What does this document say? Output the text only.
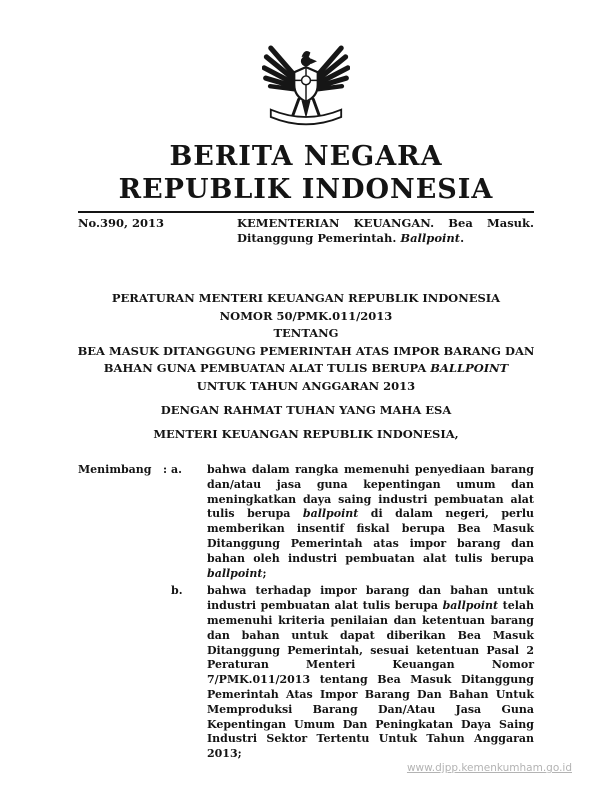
BERITA NEGARA
REPUBLIK INDONESIA
No.390, 2013	KEMENTERIAN KEUANGAN. Bea Masuk. Ditanggung Pemerintah. Ballpoint.

PERATURAN MENTERI KEUANGAN REPUBLIK INDONESIA
NOMOR 50/PMK.011/2013
TENTANG
BEA MASUK DITANGGUNG PEMERINTAH ATAS IMPOR BARANG DAN
BAHAN GUNA PEMBUATAN ALAT TULIS BERUPA BALLPOINT
UNTUK TAHUN ANGGARAN 2013
DENGAN RAHMAT TUHAN YANG MAHA ESA
MENTERI KEUANGAN REPUBLIK INDONESIA,
Menimbang : a.	bahwa dalam rangka memenuhi penyediaan barang dan/atau jasa guna kepentingan umum dan meningkatkan daya saing industri pembuatan alat tulis berupa ballpoint di dalam negeri, perlu memberikan insentif fiskal berupa Bea Masuk Ditanggung Pemerintah atas impor barang dan bahan oleh industri pembuatan alat tulis berupa ballpoint;

b.	bahwa terhadap impor barang dan bahan untuk industri pembuatan alat tulis berupa ballpoint telah memenuhi kriteria penilaian dan ketentuan barang dan bahan untuk dapat diberikan Bea Masuk Ditanggung Pemerintah, sesuai ketentuan Pasal 2 Peraturan Menteri Keuangan Nomor 7/PMK.011/2013 tentang Bea Masuk Ditanggung Pemerintah Atas Impor Barang Dan Bahan Untuk Memproduksi Barang Dan/Atau Jasa Guna Kepentingan Umum Dan Peningkatan Daya Saing Industri Sektor Tertentu Untuk Tahun Anggaran 2013;

www.djpp.kemenkumham.go.id
